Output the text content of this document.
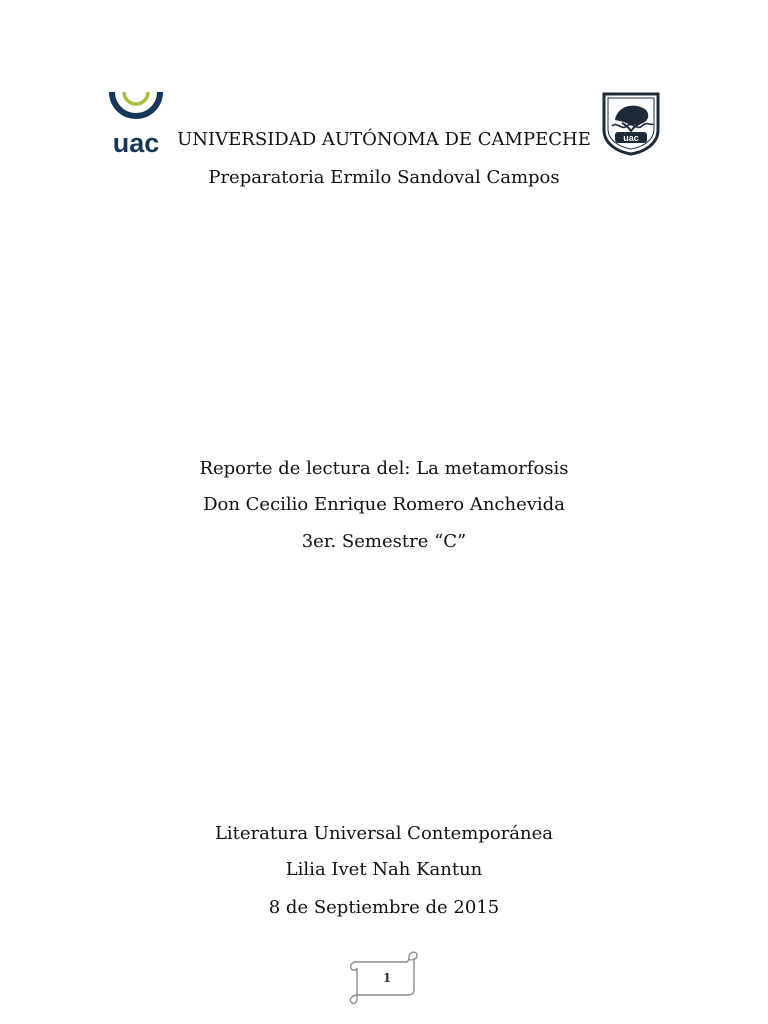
uac UNIVERSIDAD AUTÓNOMA DE CAMPECHE
Preparatoria Ermilo Sandoval Campos
uac
Reporte de lectura del: La metamorfosis
Don Cecilio Enrique Romero Anchevida
3er. Semestre “C”
Literatura Universal Contemporánea
Lilia Ivet Nah Kantun
8 de Septiembre de 2015
1
